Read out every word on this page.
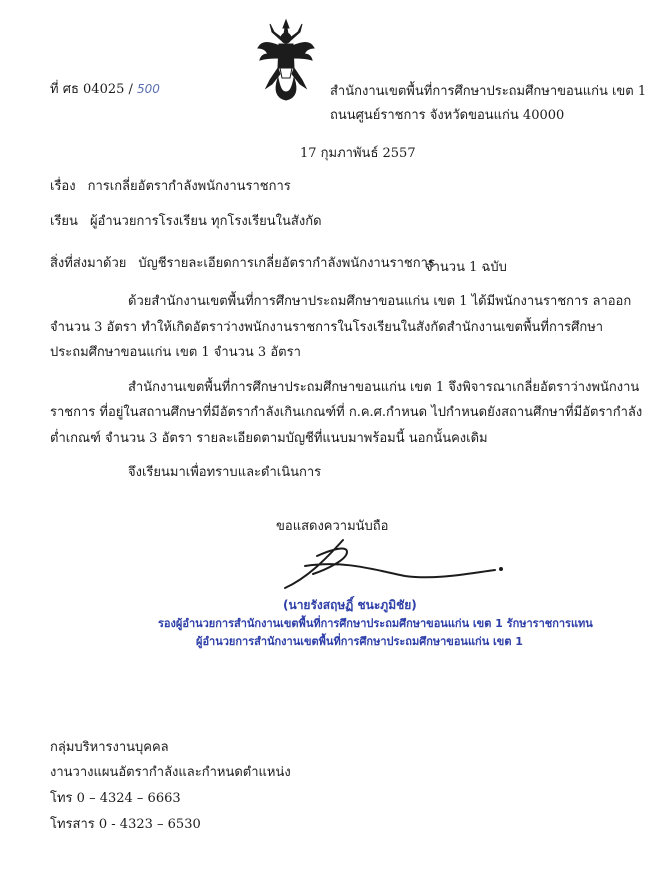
ที่ ศธ 04025 / 500	สำนักงานเขตพื้นที่การศึกษาประถมศึกษาขอนแก่น เขต 1
ถนนศูนย์ราชการ จังหวัดขอนแก่น 40000
17 กุมภาพันธ์ 2557
เรื่อง การเกลี่ยอัตรากำลังพนักงานราชการ
เรียน ผู้อำนวยการโรงเรียน ทุกโรงเรียนในสังกัด
สิ่งที่ส่งมาด้วย บัญชีรายละเอียดการเกลี่ยอัตรากำลังพนักงานราชการ
จำนวน 1 ฉบับ
ด้วยสำนักงานเขตพื้นที่การศึกษาประถมศึกษาขอนแก่น เขต 1 ได้มีพนักงานราชการ ลาออก
จำนวน 3 อัตรา ทำให้เกิดอัตราว่างพนักงานราชการในโรงเรียนในสังกัดสำนักงานเขตพื้นที่การศึกษา
ประถมศึกษาขอนแก่น เขต 1 จำนวน 3 อัตรา
สำนักงานเขตพื้นที่การศึกษาประถมศึกษาขอนแก่น เขต 1 จึงพิจารณาเกลี่ยอัตราว่างพนักงาน
ราชการ ที่อยู่ในสถานศึกษาที่มีอัตรากำลังเกินเกณฑ์ที่ ก.ค.ศ.กำหนด ไปกำหนดยังสถานศึกษาที่มีอัตรากำลัง
ต่ำเกณฑ์ จำนวน 3 อัตรา รายละเอียดตามบัญชีที่แนบมาพร้อมนี้ นอกนั้นคงเดิม
จึงเรียนมาเพื่อทราบและดำเนินการ
ขอแสดงความนับถือ
(นายรังสฤษฏิ์ ชนะภูมิชัย)
รองผู้อำนวยการสำนักงานเขตพื้นที่การศึกษาประถมศึกษาขอนแก่น เขต 1 รักษาราชการแทน
ผู้อำนวยการสำนักงานเขตพื้นที่การศึกษาประถมศึกษาขอนแก่น เขต 1
กลุ่มบริหารงานบุคคล
งานวางแผนอัตรากำลังและกำหนดตำแหน่ง
โทร 0 – 4324 – 6663
โทรสาร 0 - 4323 – 6530
